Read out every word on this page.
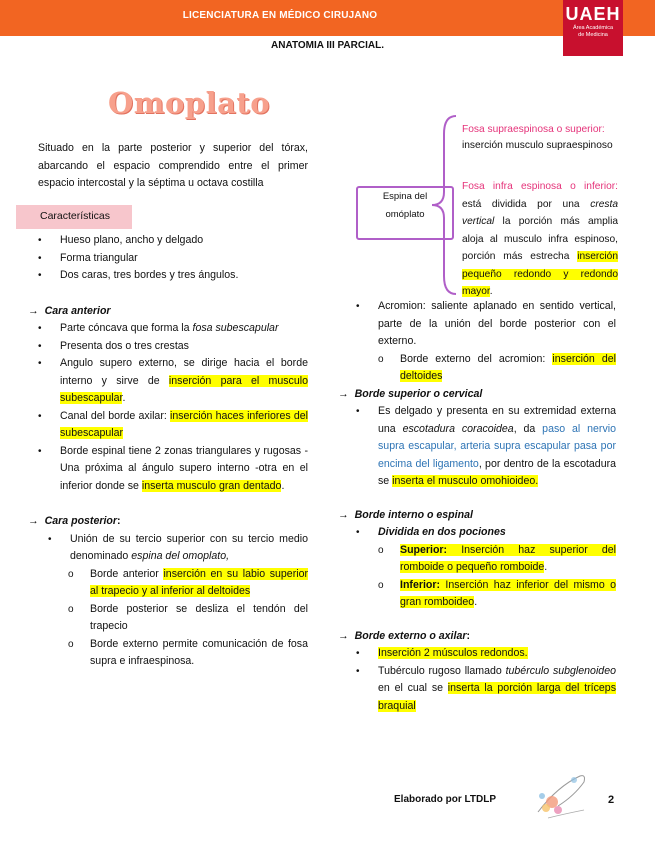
LICENCIATURA EN MÉDICO CIRUJANO	UAEH
Área Académica
de Medicina
ANATOMIA III PARCIAL.
Omoplato

Situado en la parte posterior y superior del tórax, abarcando el espacio comprendido entre el primer espacio intercostal y la séptima u octava costilla

Características
• Hueso plano, ancho y delgado
• Forma triangular
• Dos caras, tres bordes y tres ángulos.
→ Cara anterior
• Parte cóncava que forma la fosa subescapular
• Presenta dos o tres crestas
• Angulo supero externo, se dirige hacia el borde interno y sirve de inserción para el musculo subescapular.
• Canal del borde axilar: inserción haces inferiores del subescapular
• Borde espinal tiene 2 zonas triangulares y rugosas -Una próxima al ángulo supero interno -otra en el inferior donde se inserta musculo gran dentado.
→ Cara posterior:
• Unión de su tercio superior con su tercio medio denominado espina del omoplato,
o Borde anterior inserción en su labio superior al trapecio y al inferior al deltoides
o Borde posterior se desliza el tendón del trapecio
o Borde externo permite comunicación de fosa supra e infraespinosa.
Espina del
omóplato
Fosa supraespinosa o superior:
inserción musculo supraespinoso
Fosa infra espinosa o inferior: está dividida por una cresta vertical la porción más amplia aloja al musculo infra espinoso, porción más estrecha inserción pequeño redondo y redondo mayor.
• Acromion: saliente aplanado en sentido vertical, parte de la unión del borde posterior con el externo.
o Borde externo del acromion: inserción del deltoides
→ Borde superior o cervical
• Es delgado y presenta en su extremidad externa una escotadura coracoidea, da paso al nervio supra escapular, arteria supra escapular pasa por encima del ligamento, por dentro de la escotadura se inserta el musculo omohioideo.
→ Borde interno o espinal
• Dividida en dos pociones
o Superior: Inserción haz superior del romboide o pequeño romboide.
o Inferior: Inserción haz inferior del mismo o gran romboideo.
→ Borde externo o axilar:
• Inserción 2 músculos redondos.
• Tubérculo rugoso llamado tubérculo subglenoideo en el cual se inserta la porción larga del tríceps braquial
Elaborado por LTDLP	2
